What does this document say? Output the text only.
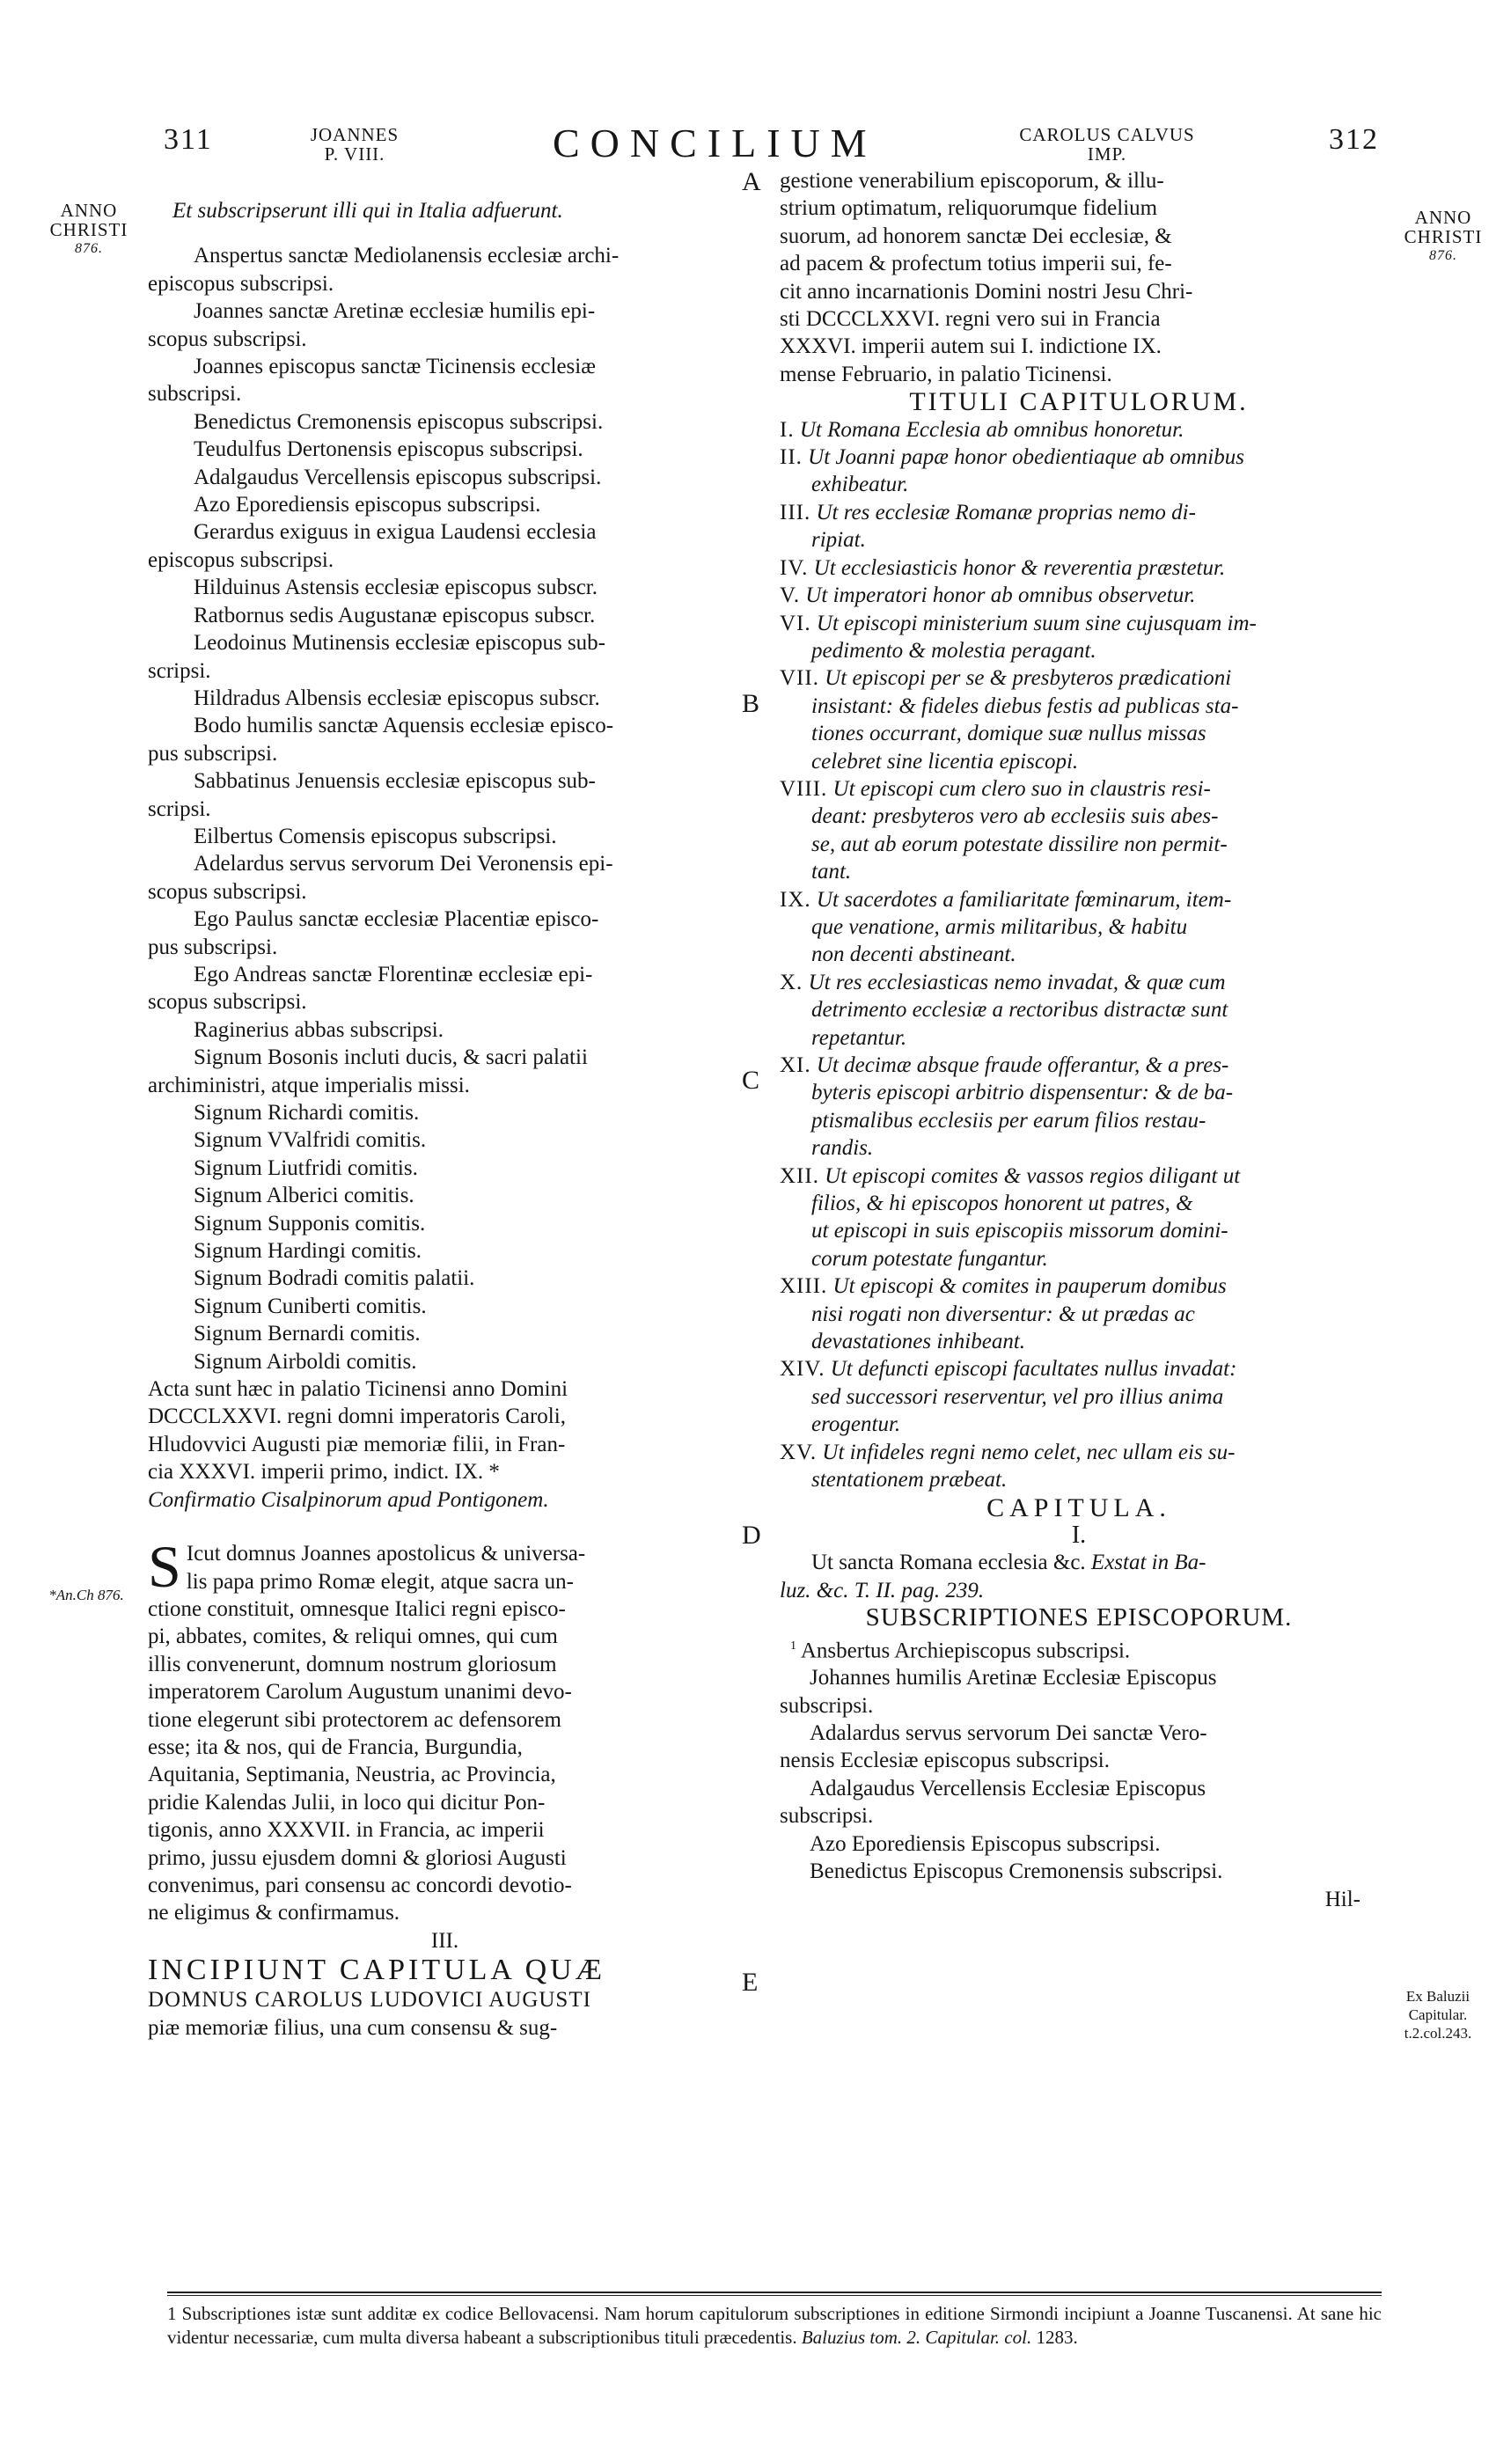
311	JOANNES
P. VIII.	CONCILIUM	CAROLUS CALVUS
IMP.	312
ANNO
CHRISTI
876.
ANNO
CHRISTI
876.
*An.Ch 876.
Ex Baluzii
Capitular.
t.2.col.243.
A
B
C
D
E

Et subscripserunt illi qui in Italia adfuerunt.

Anspertus sanctæ Mediolanensis ecclesiæ archi-

episcopus subscripsi.

Joannes sanctæ Aretinæ ecclesiæ humilis epi-

scopus subscripsi.

Joannes episcopus sanctæ Ticinensis ecclesiæ

subscripsi.

Benedictus Cremonensis episcopus subscripsi.

Teudulfus Dertonensis episcopus subscripsi.

Adalgaudus Vercellensis episcopus subscripsi.

Azo Eporediensis episcopus subscripsi.

Gerardus exiguus in exigua Laudensi ecclesia

episcopus subscripsi.

Hilduinus Astensis ecclesiæ episcopus subscr.

Ratbornus sedis Augustanæ episcopus subscr.

Leodoinus Mutinensis ecclesiæ episcopus sub-

scripsi.

Hildradus Albensis ecclesiæ episcopus subscr.

Bodo humilis sanctæ Aquensis ecclesiæ episco-

pus subscripsi.

Sabbatinus Jenuensis ecclesiæ episcopus sub-

scripsi.

Eilbertus Comensis episcopus subscripsi.

Adelardus servus servorum Dei Veronensis epi-

scopus subscripsi.

Ego Paulus sanctæ ecclesiæ Placentiæ episco-

pus subscripsi.

Ego Andreas sanctæ Florentinæ ecclesiæ epi-

scopus subscripsi.

Raginerius abbas subscripsi.

Signum Bosonis incluti ducis, & sacri palatii

archiministri, atque imperialis missi.

Signum Richardi comitis.

Signum VValfridi comitis.

Signum Liutfridi comitis.

Signum Alberici comitis.

Signum Supponis comitis.

Signum Hardingi comitis.

Signum Bodradi comitis palatii.

Signum Cuniberti comitis.

Signum Bernardi comitis.

Signum Airboldi comitis.

Acta sunt hæc in palatio Ticinensi anno Domini

DCCCLXXVI. regni domni imperatoris Caroli,

Hludovvici Augusti piæ memoriæ filii, in Fran-

cia XXXVI. imperii primo, indict. IX. *

Confirmatio Cisalpinorum apud Pontigonem.

S Icut domnus Joannes apostolicus & universa-

lis papa primo Romæ elegit, atque sacra un-

ctione constituit, omnesque Italici regni episco-

pi, abbates, comites, & reliqui omnes, qui cum

illis convenerunt, domnum nostrum gloriosum

imperatorem Carolum Augustum unanimi devo-

tione elegerunt sibi protectorem ac defensorem

esse; ita & nos, qui de Francia, Burgundia,

Aquitania, Septimania, Neustria, ac Provincia,

pridie Kalendas Julii, in loco qui dicitur Pon-

tigonis, anno XXXVII. in Francia, ac imperii

primo, jussu ejusdem domni & gloriosi Augusti

convenimus, pari consensu ac concordi devotio-

ne eligimus & confirmamus.

III.

INCIPIUNT CAPITULA QUÆ

DOMNUS CAROLUS LUDOVICI AUGUSTI

piæ memoriæ filius, una cum consensu & sug-

gestione venerabilium episcoporum, & illu-

strium optimatum, reliquorumque fidelium

suorum, ad honorem sanctæ Dei ecclesiæ, &

ad pacem & profectum totius imperii sui, fe-

cit anno incarnationis Domini nostri Jesu Chri-

sti DCCCLXXVI. regni vero sui in Francia

XXXVI. imperii autem sui I. indictione IX.

mense Februario, in palatio Ticinensi.

TITULI CAPITULORUM.

I. Ut Romana Ecclesia ab omnibus honoretur.

II. Ut Joanni papæ honor obedientiaque ab omnibus

exhibeatur.

III. Ut res ecclesiæ Romanæ proprias nemo di-

ripiat.

IV. Ut ecclesiasticis honor & reverentia præstetur.

V. Ut imperatori honor ab omnibus observetur.

VI. Ut episcopi ministerium suum sine cujusquam im-

pedimento & molestia peragant.

VII. Ut episcopi per se & presbyteros prædicationi

insistant: & fideles diebus festis ad publicas sta-

tiones occurrant, domique suæ nullus missas

celebret sine licentia episcopi.

VIII. Ut episcopi cum clero suo in claustris resi-

deant: presbyteros vero ab ecclesiis suis abes-

se, aut ab eorum potestate dissilire non permit-

tant.

IX. Ut sacerdotes a familiaritate fœminarum, item-

que venatione, armis militaribus, & habitu

non decenti abstineant.

X. Ut res ecclesiasticas nemo invadat, & quæ cum

detrimento ecclesiæ a rectoribus distractæ sunt

repetantur.

XI. Ut decimæ absque fraude offerantur, & a pres-

byteris episcopi arbitrio dispensentur: & de ba-

ptismalibus ecclesiis per earum filios restau-

randis.

XII. Ut episcopi comites & vassos regios diligant ut

filios, & hi episcopos honorent ut patres, &

ut episcopi in suis episcopiis missorum domini-

corum potestate fungantur.

XIII. Ut episcopi & comites in pauperum domibus

nisi rogati non diversentur: & ut prædas ac

devastationes inhibeant.

XIV. Ut defuncti episcopi facultates nullus invadat:

sed successori reserventur, vel pro illius anima

erogentur.

XV. Ut infideles regni nemo celet, nec ullam eis su-

stentationem præbeat.

CAPITULA.

I.

Ut sancta Romana ecclesia &c. Exstat in Ba-

luz. &c. T. II. pag. 239.

SUBSCRIPTIONES EPISCOPORUM.

$^1$ Ansbertus Archiepiscopus subscripsi.

Johannes humilis Aretinæ Ecclesiæ Episcopus

subscripsi.

Adalardus servus servorum Dei sanctæ Vero-

nensis Ecclesiæ episcopus subscripsi.

Adalgaudus Vercellensis Ecclesiæ Episcopus

subscripsi.

Azo Eporediensis Episcopus subscripsi.

Benedictus Episcopus Cremonensis subscripsi.

Hil-

1 Subscriptiones istæ sunt additæ ex codice Bellovacensi. Nam horum capitulorum subscriptiones in editione Sirmondi incipiunt a Joanne Tuscanensi. At sane hic videntur necessariæ, cum multa diversa habeant a subscriptionibus tituli præcedentis. Baluzius tom. 2. Capitular. col. 1283.
